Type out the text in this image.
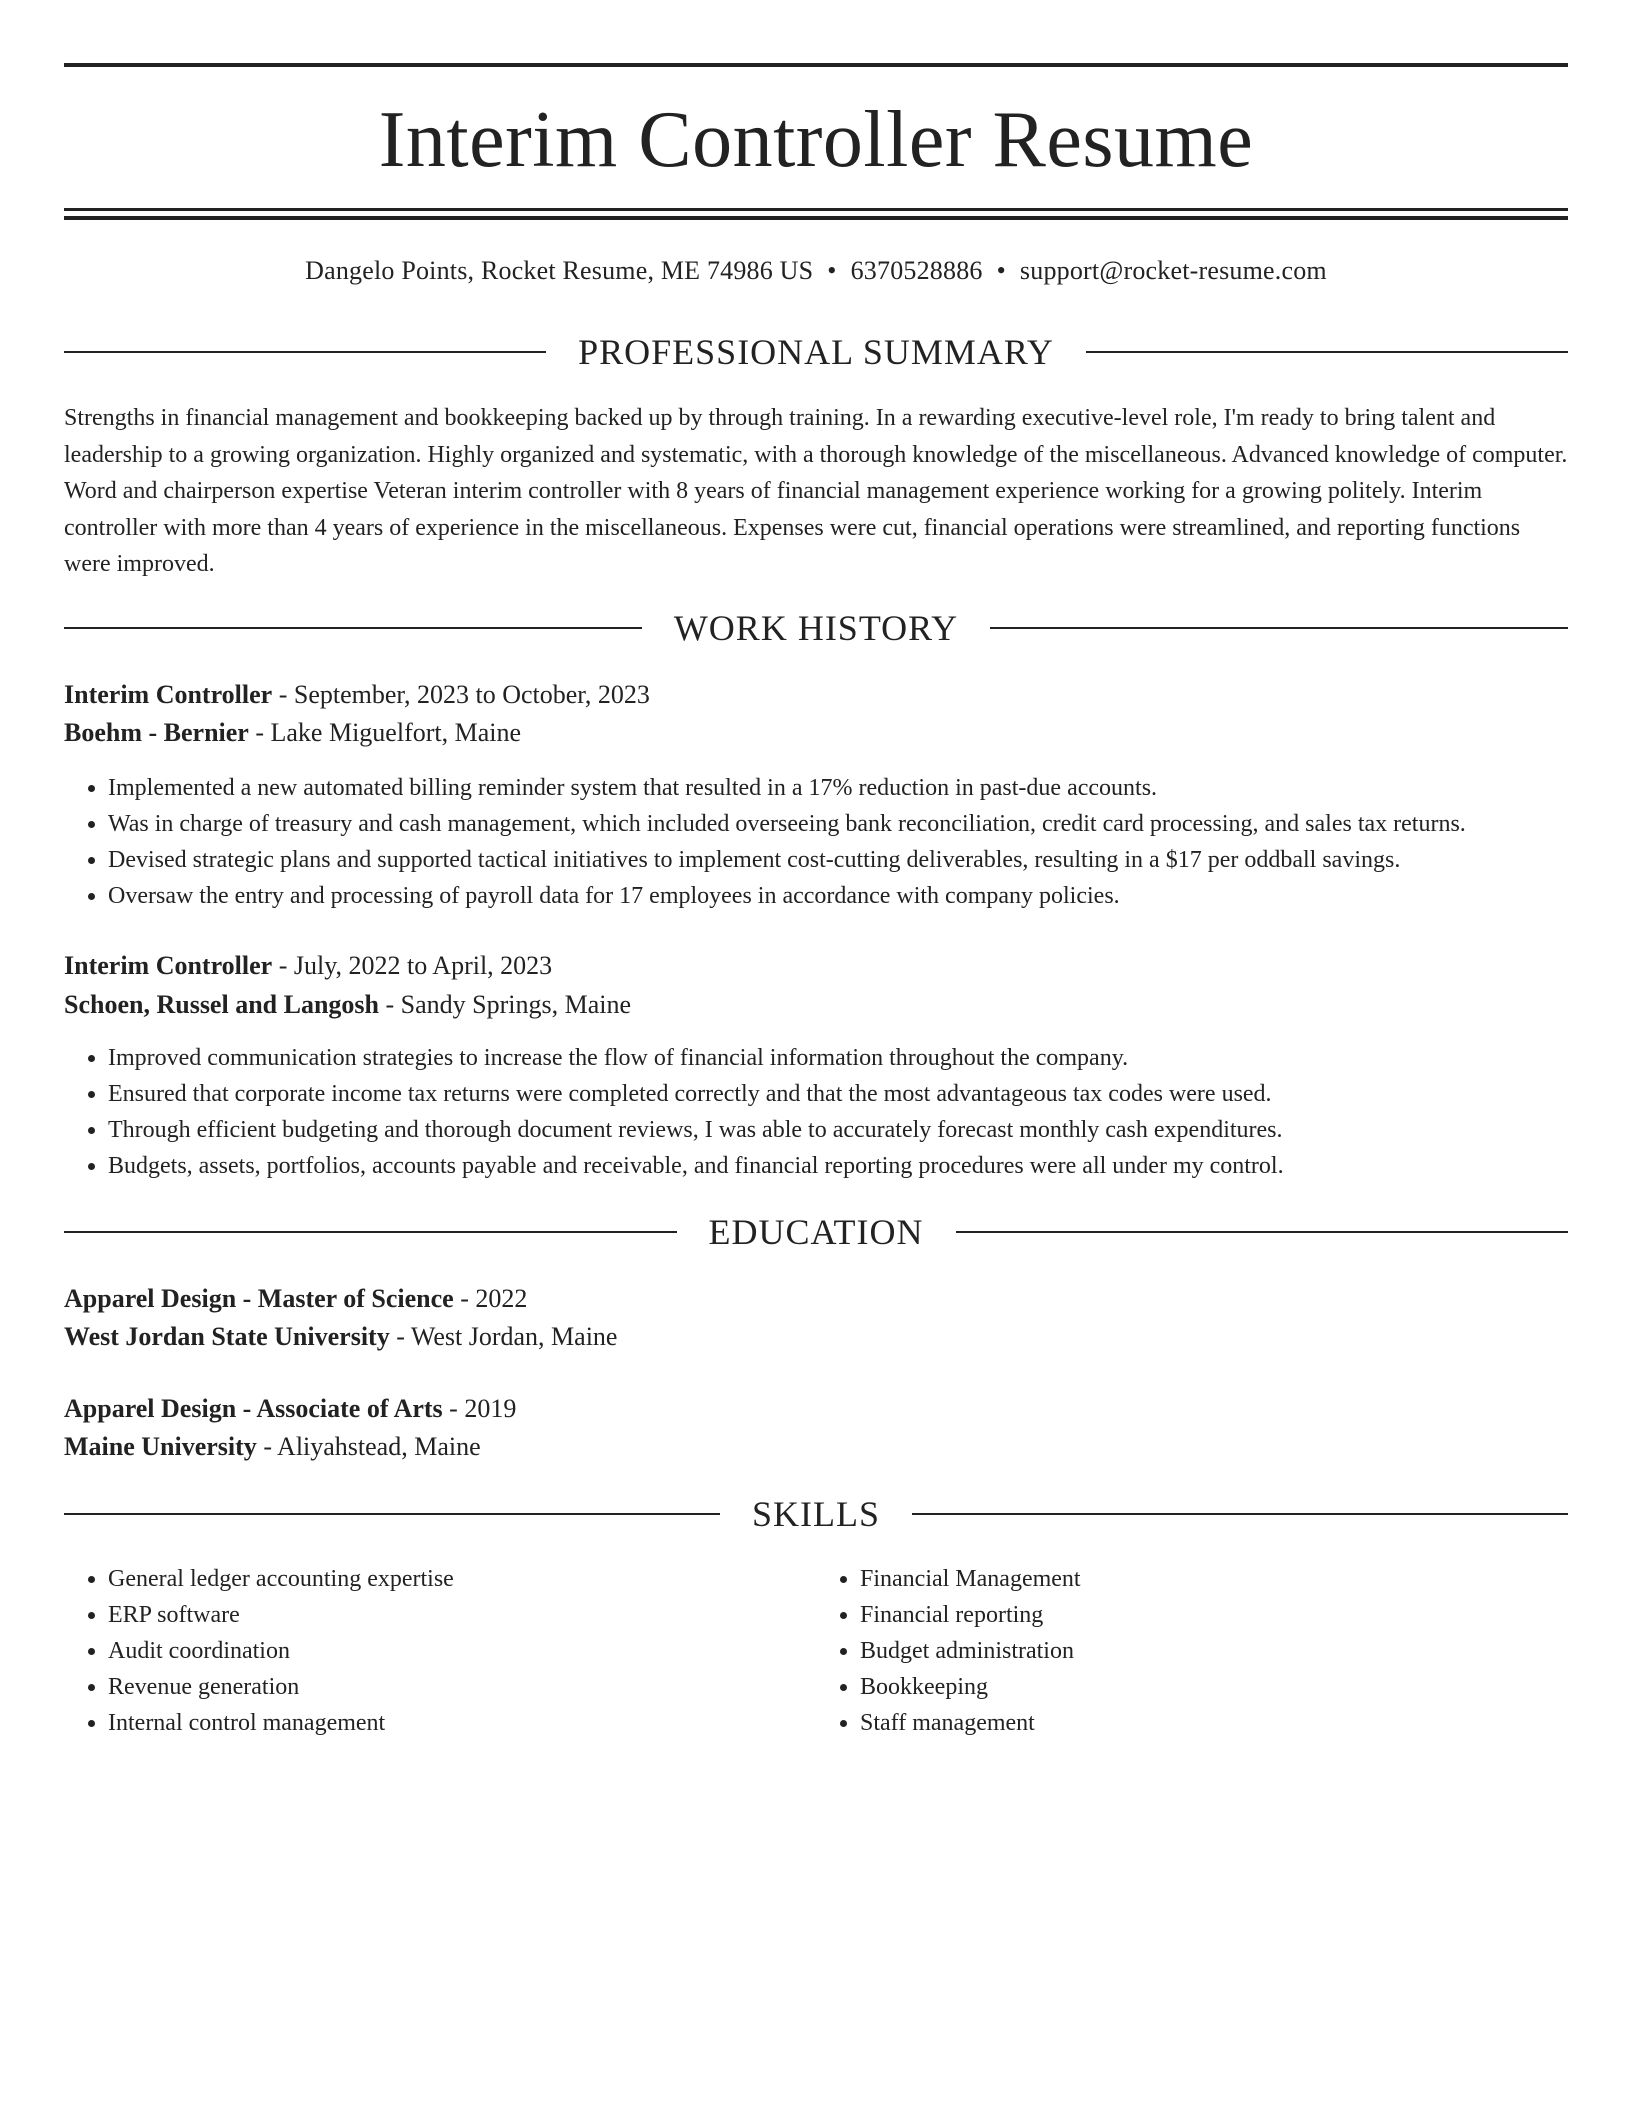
Interim Controller Resume
Dangelo Points, Rocket Resume, ME 74986 US • 6370528886 • support@rocket-resume.com
PROFESSIONAL SUMMARY

Strengths in financial management and bookkeeping backed up by through training. In a rewarding executive-level role, I'm ready to bring talent and leadership to a growing organization. Highly organized and systematic, with a thorough knowledge of the miscellaneous. Advanced knowledge of computer. Word and chairperson expertise Veteran interim controller with 8 years of financial management experience working for a growing politely. Interim controller with more than 4 years of experience in the miscellaneous. Expenses were cut, financial operations were streamlined, and reporting functions were improved.

WORK HISTORY
Interim Controller - September, 2023 to October, 2023
Boehm - Bernier - Lake Miguelfort, Maine
• Implemented a new automated billing reminder system that resulted in a 17% reduction in past-due accounts.
• Was in charge of treasury and cash management, which included overseeing bank reconciliation, credit card processing, and sales tax returns.
• Devised strategic plans and supported tactical initiatives to implement cost-cutting deliverables, resulting in a $17 per oddball savings.
• Oversaw the entry and processing of payroll data for 17 employees in accordance with company policies.
Interim Controller - July, 2022 to April, 2023
Schoen, Russel and Langosh - Sandy Springs, Maine
• Improved communication strategies to increase the flow of financial information throughout the company.
• Ensured that corporate income tax returns were completed correctly and that the most advantageous tax codes were used.
• Through efficient budgeting and thorough document reviews, I was able to accurately forecast monthly cash expenditures.
• Budgets, assets, portfolios, accounts payable and receivable, and financial reporting procedures were all under my control.
EDUCATION
Apparel Design - Master of Science - 2022
West Jordan State University - West Jordan, Maine
Apparel Design - Associate of Arts - 2019
Maine University - Aliyahstead, Maine
SKILLS
• General ledger accounting expertise
• ERP software
• Audit coordination
• Revenue generation
• Internal control management
• Financial Management
• Financial reporting
• Budget administration
• Bookkeeping
• Staff management
